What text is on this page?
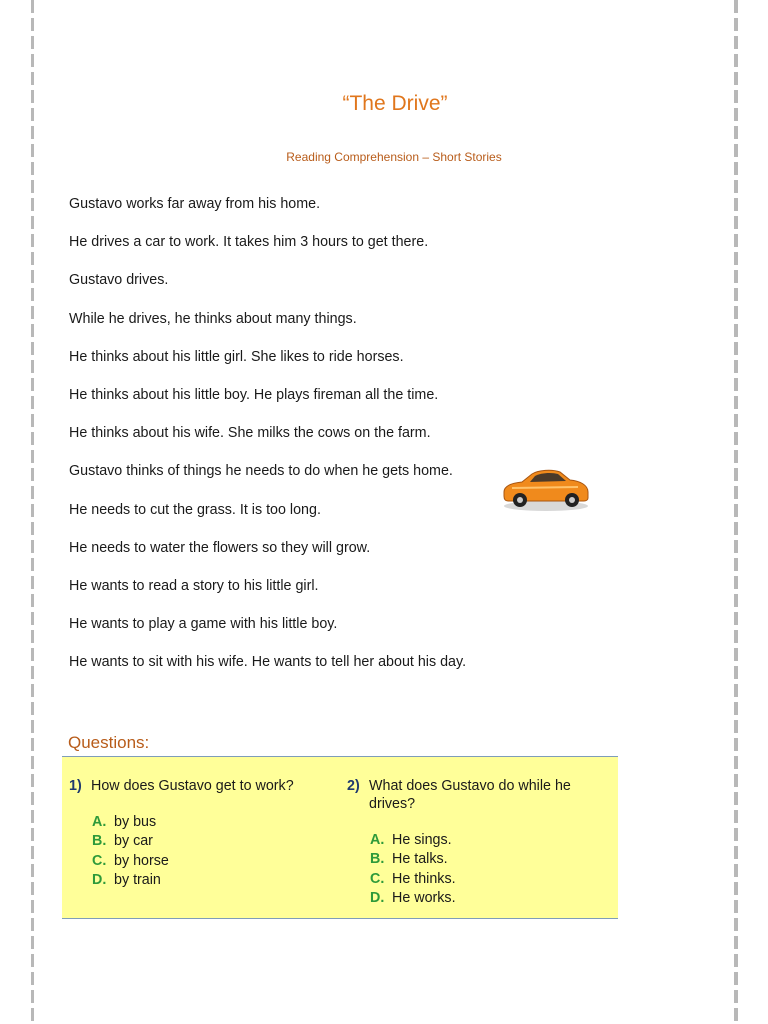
“The Drive”
Reading Comprehension – Short Stories
Gustavo works far away from his home.
He drives a car to work. It takes him 3 hours to get there.
Gustavo drives.
While he drives, he thinks about many things.
He thinks about his little girl. She likes to ride horses.
He thinks about his little boy. He plays fireman all the time.
He thinks about his wife. She milks the cows on the farm.
Gustavo thinks of things he needs to do when he gets home.
He needs to cut the grass. It is too long.
He needs to water the flowers so they will grow.
He wants to read a story to his little girl.
He wants to play a game with his little boy.
He wants to sit with his wife. He wants to tell her about his day.
Questions:
1) How does Gustavo get to work?
A. by bus
B. by car
C. by horse
D. by train
2) What does Gustavo do while he drives?
A. He sings.
B. He talks.
C. He thinks.
D. He works.
